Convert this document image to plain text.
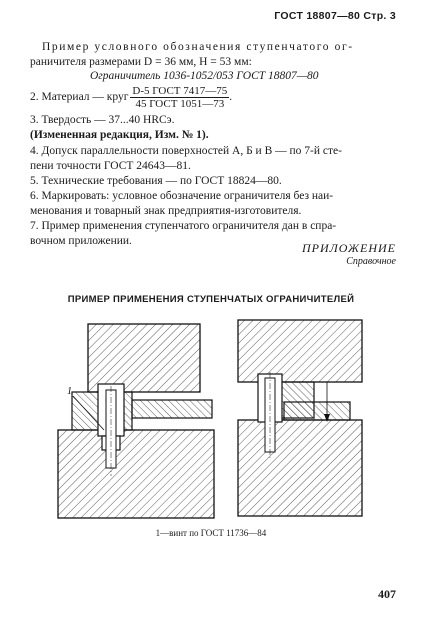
ГОСТ 18807—80 Стр. 3
Пример условного обозначения ступенчатого ог-
раничителя размерами D = 36 мм, H = 53 мм:
Ограничитель 1036-1052/053 ГОСТ 18807—80
2. Материал — круг $\frac{\text{D-5 ГОСТ 7417—75}}{\text{45 ГОСТ 1051—73}}$ .
3. Твердость — 37...40 HRCэ.
(Измененная редакция, Изм. № 1).
4. Допуск параллельности поверхностей А, Б и В — по 7-й сте-
пени точности ГОСТ 24643—81.
5. Технические требования — по ГОСТ 18824—80.
6. Маркировать: условное обозначение ограничителя без наи-
менования и товарный знак предприятия-изготовителя.
7. Пример применения ступенчатого ограничителя дан в спра-
вочном приложении.	ПРИЛОЖЕНИЕ
Справочное
ПРИМЕР ПРИМЕНЕНИЯ СТУПЕНЧАТЫХ ОГРАНИЧИТЕЛЕЙ
1
1—винт по ГОСТ 11736—84
407
